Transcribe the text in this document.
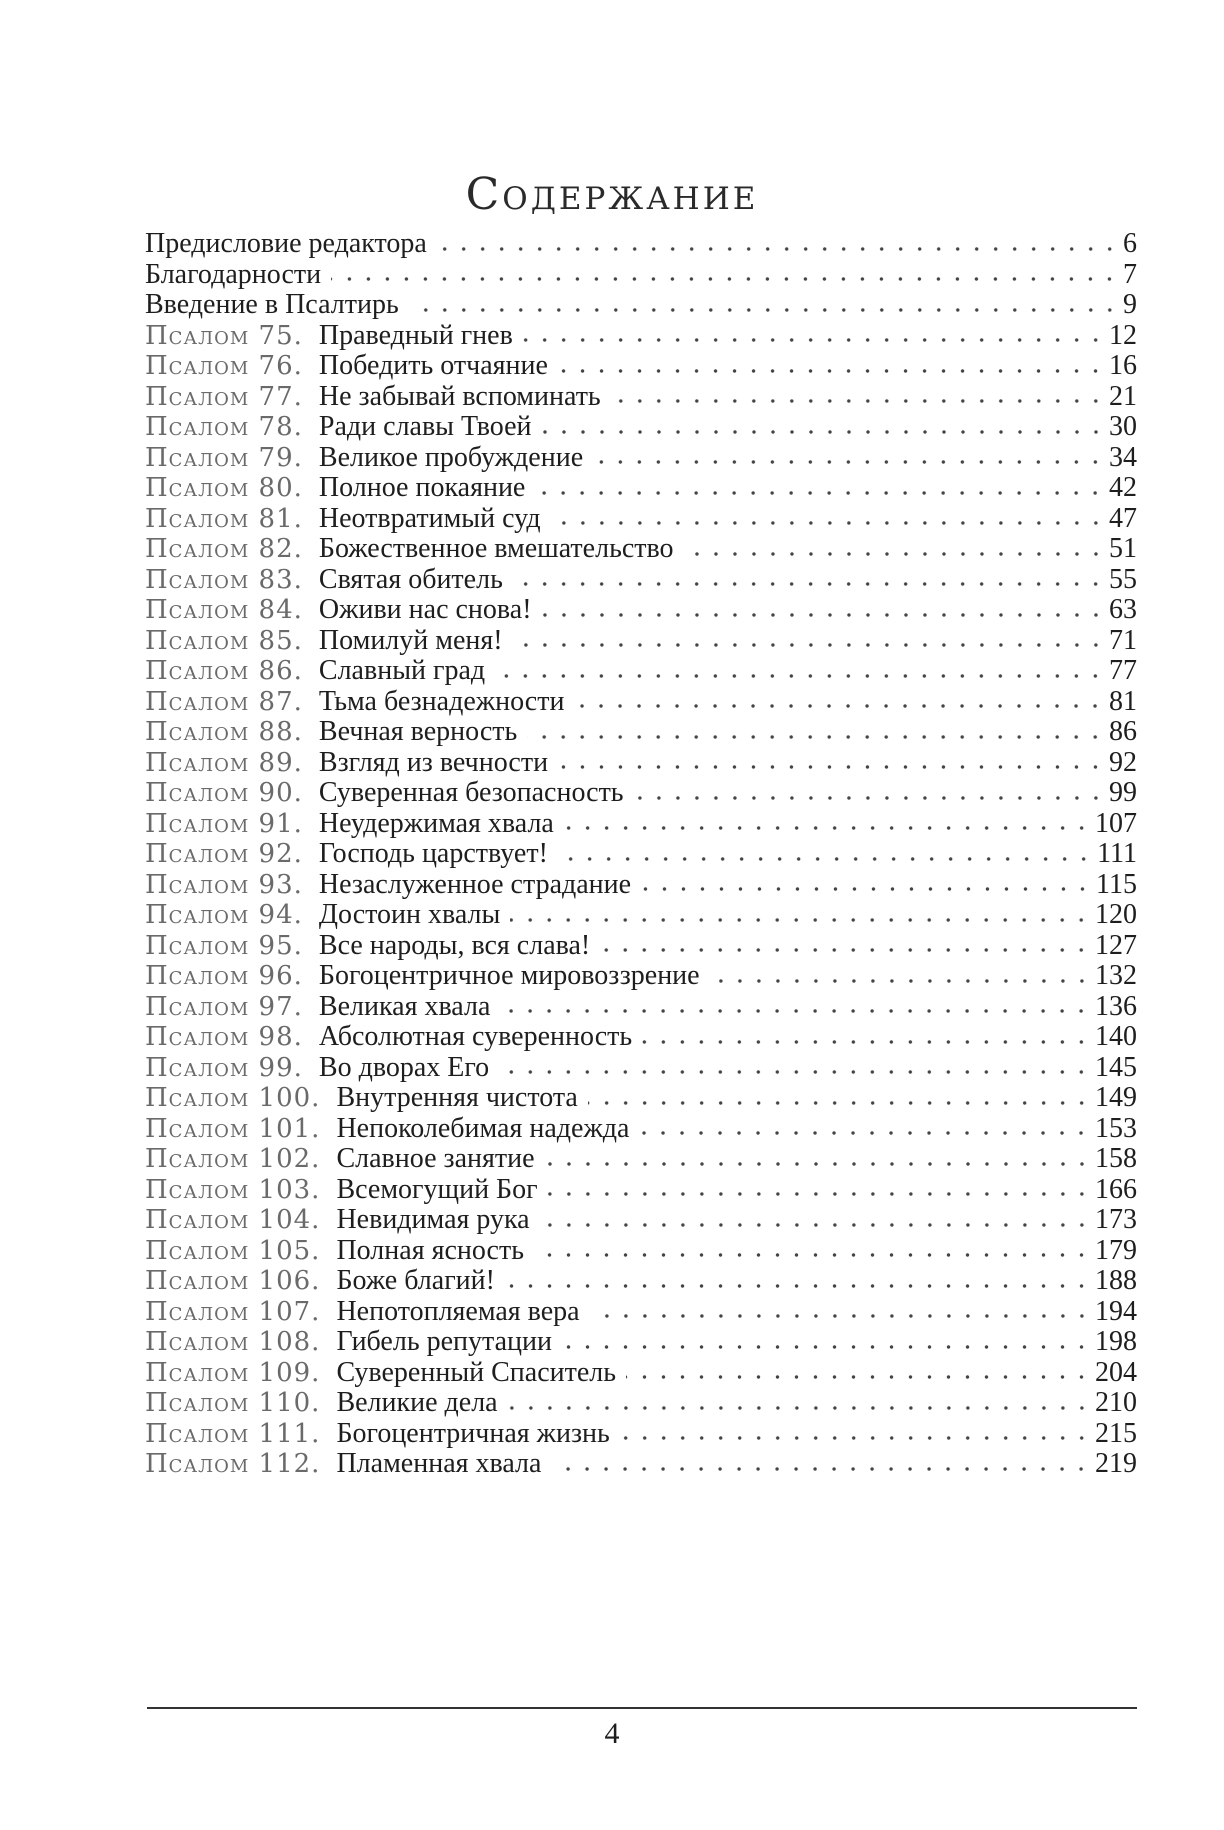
Содержание
Предисловие редактора	6
Благодарности	7
Введение в Псалтирь	9
Псалом 75. Праведный гнев	12
Псалом 76. Победить отчаяние	16
Псалом 77. Не забывай вспоминать	21
Псалом 78. Ради славы Твоей	30
Псалом 79. Великое пробуждение	34
Псалом 80. Полное покаяние	42
Псалом 81. Неотвратимый суд	47
Псалом 82. Божественное вмешательство	51
Псалом 83. Святая обитель	55
Псалом 84. Оживи нас снова!	63
Псалом 85. Помилуй меня!	71
Псалом 86. Славный град	77
Псалом 87. Тьма безнадежности	81
Псалом 88. Вечная верность	86
Псалом 89. Взгляд из вечности	92
Псалом 90. Суверенная безопасность	99
Псалом 91. Неудержимая хвала	107
Псалом 92. Господь царствует!	111
Псалом 93. Незаслуженное страдание	115
Псалом 94. Достоин хвалы	120
Псалом 95. Все народы, вся слава!	127
Псалом 96. Богоцентричное мировоззрение	132
Псалом 97. Великая хвала	136
Псалом 98. Абсолютная суверенность	140
Псалом 99. Во дворах Его	145
Псалом 100. Внутренняя чистота	149
Псалом 101. Непоколебимая надежда	153
Псалом 102. Славное занятие	158
Псалом 103. Всемогущий Бог	166
Псалом 104. Невидимая рука	173
Псалом 105. Полная ясность	179
Псалом 106. Боже благий!	188
Псалом 107. Непотопляемая вера	194
Псалом 108. Гибель репутации	198
Псалом 109. Суверенный Спаситель	204
Псалом 110. Великие дела	210
Псалом 111. Богоцентричная жизнь	215
Псалом 112. Пламенная хвала	219
4
